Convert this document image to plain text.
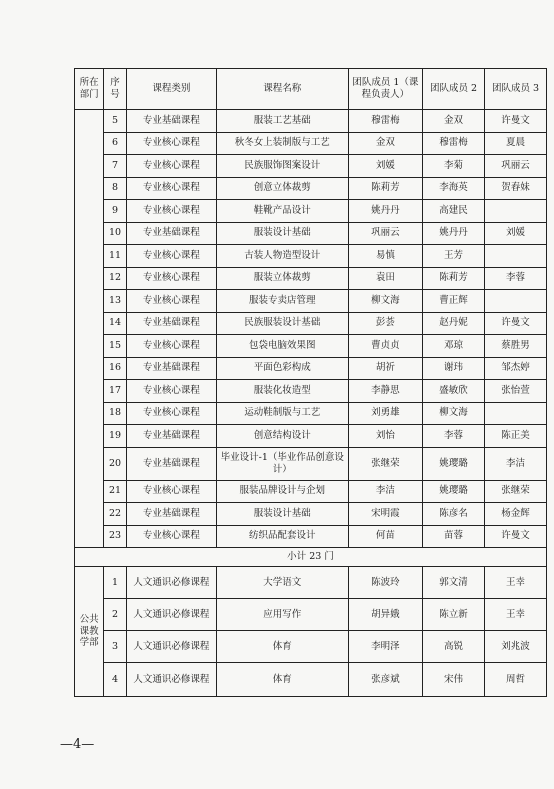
所在部门	序号	课程类别	课程名称	团队成员 1（课程负责人）	团队成员 2	团队成员 3
	5	专业基础课程	服装工艺基础	穆雷梅	金双	许曼文
	6	专业核心课程	秋冬女上装制版与工艺	金双	穆雷梅	夏晨
	7	专业核心课程	民族服饰图案设计	刘媛	李菊	巩丽云
	8	专业核心课程	创意立体裁剪	陈莉芳	李海英	贺舂妹
	9	专业核心课程	鞋靴产品设计	姚丹丹	高建民	
	10	专业基础课程	服装设计基础	巩丽云	姚丹丹	刘媛
	11	专业核心课程	古装人物造型设计	易慎	王芳	
	12	专业核心课程	服装立体裁剪	袁田	陈莉芳	李蓉
	13	专业核心课程	服装专卖店管理	柳文海	曹正辉	
	14	专业基础课程	民族服装设计基础	彭荟	赵丹妮	许曼文
	15	专业核心课程	包袋电脑效果图	曹贞贞	邓琼	蔡胜男
	16	专业基础课程	平面色彩构成	胡祈	谢玮	邹杰婷
	17	专业核心课程	服装化妆造型	李静思	盛敏欣	张怡萱
	18	专业核心课程	运动鞋制版与工艺	刘勇雄	柳文海	
	19	专业基础课程	创意结构设计	刘怡	李蓉	陈正美
	20	专业基础课程	毕业设计-1（毕业作品创意设计）	张继荣	姚璎璐	李洁
	21	专业核心课程	服装品牌设计与企划	李洁	姚璎璐	张继荣
	22	专业基础课程	服装设计基础	宋明霞	陈彦名	杨金辉
	23	专业核心课程	纺织品配套设计	何苗	苗蓉	许曼文
小计 23 门						
公共课教学部	1	人文通识必修课程	大学语文	陈波玲	郭文清	王幸
	2	人文通识必修课程	应用写作	胡异娥	陈立新	王幸
	3	人文通识必修课程	体育	李明泽	高锐	刘兆波
	4	人文通识必修课程	体育	张彦斌	宋伟	周哲
—4—
